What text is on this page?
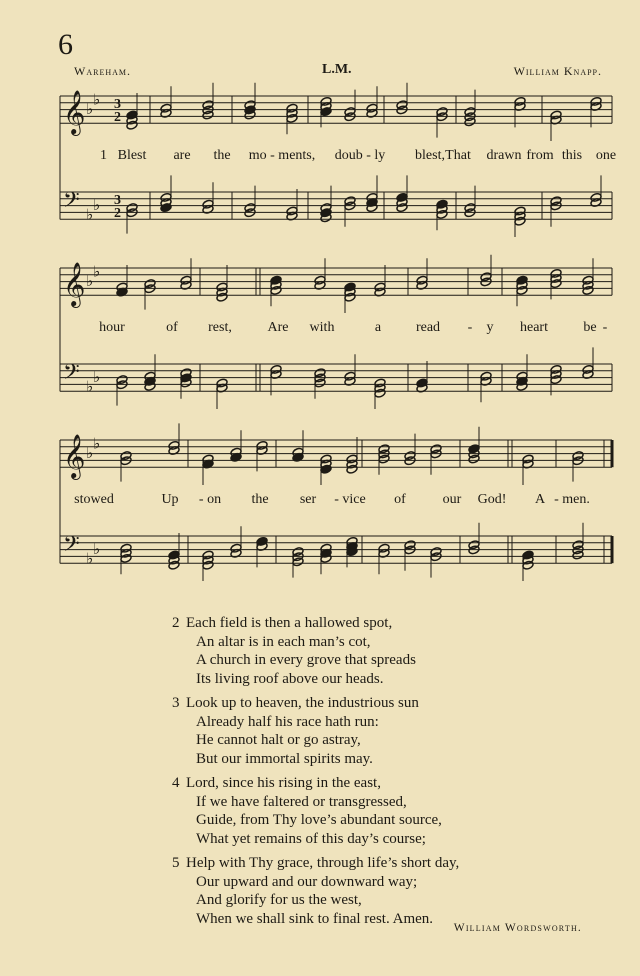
6
Wareham.	L.M.	William Knapp.
𝄞 ♭
♭ 3
2
𝄢 ♭
♭ 3
2
𝄞 ♭
♭
𝄢 ♭
♭
𝄞 ♭
♭
𝄢 ♭
♭
1 Blest are the mo - ments, doub - ly blest, That drawn from this one
hour	of rest,	Are with	a read - y heart	be -
stowed	Up - on the ser - vice of	our God! A - men.
2 Each field is then a hallowed spot,
An altar is in each man’s cot,
A church in every grove that spreads
Its living roof above our heads.
3 Look up to heaven, the industrious sun
Already half his race hath run:
He cannot halt or go astray,
But our immortal spirits may.
4 Lord, since his rising in the east,
If we have faltered or transgressed,
Guide, from Thy love’s abundant source,
What yet remains of this day’s course;
5 Help with Thy grace, through life’s short day,
Our upward and our downward way;
And glorify for us the west,
When we shall sink to final rest. Amen.
William Wordsworth.
